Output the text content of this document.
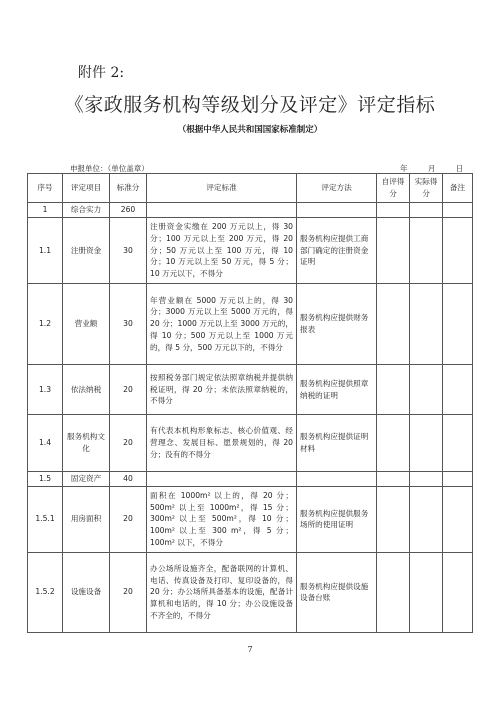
附件 2:
《家政服务机构等级划分及评定》评定指标
（根据中华人民共和国国家标准制定）
申报单位：（单位盖章）	年	月	日
序号	评定项目	标准分	评定标准	评定方法	自评得分	实际得分	备注
1	综合实力	260					
1.1	注册资金	30	注册资金实缴在 200 万元以上，得 30 分；100 万元以上至 200 万元，得 20 分；50 万元以上至 100 万元，得 10 分；10 万元以上至 50 万元，得 5 分；10 万元以下，不得分	服务机构应提供工商部门确定的注册资金证明			
1.2	营业额	30	年营业额在 5000 万元以上的，得 30 分；3000 万元以上至 5000 万元的，得 20 分；1000 万元以上至 3000 万元的，得 10 分；500 万元以上至 1000 万元的，得 5 分，500 万元以下的，不得分	服务机构应提供财务报表			
1.3	依法纳税	20	按照税务部门规定依法照章纳税并提供纳税证明，得 20 分；未依法照章纳税的，不得分	服务机构应提供照章纳税的证明			
1.4	服务机构文化	20	有代表本机构形象标志、核心价值观、经营理念、发展目标、愿景规划的，得 20 分；没有的不得分	服务机构应提供证明材料			
1.5	固定资产	40					
1.5.1	用房面积	20	面积在 1000m² 以上的，得 20 分；500m² 以上至 1000m²，得 15 分；300m² 以上至 500m²，得 10 分；100m² 以上至 300 m²，得 5 分；100m² 以下，不得分	服务机构应提供服务场所的使用证明			
1.5.2	设施设备	20	办公场所设施齐全，配备联网的计算机、电话、传真设备及打印、复印设备的，得 20 分；办公场所具备基本的设施，配备计算机和电话的，得 10 分；办公设施设备不齐全的，不得分	服务机构应提供设施设备台账			
7
